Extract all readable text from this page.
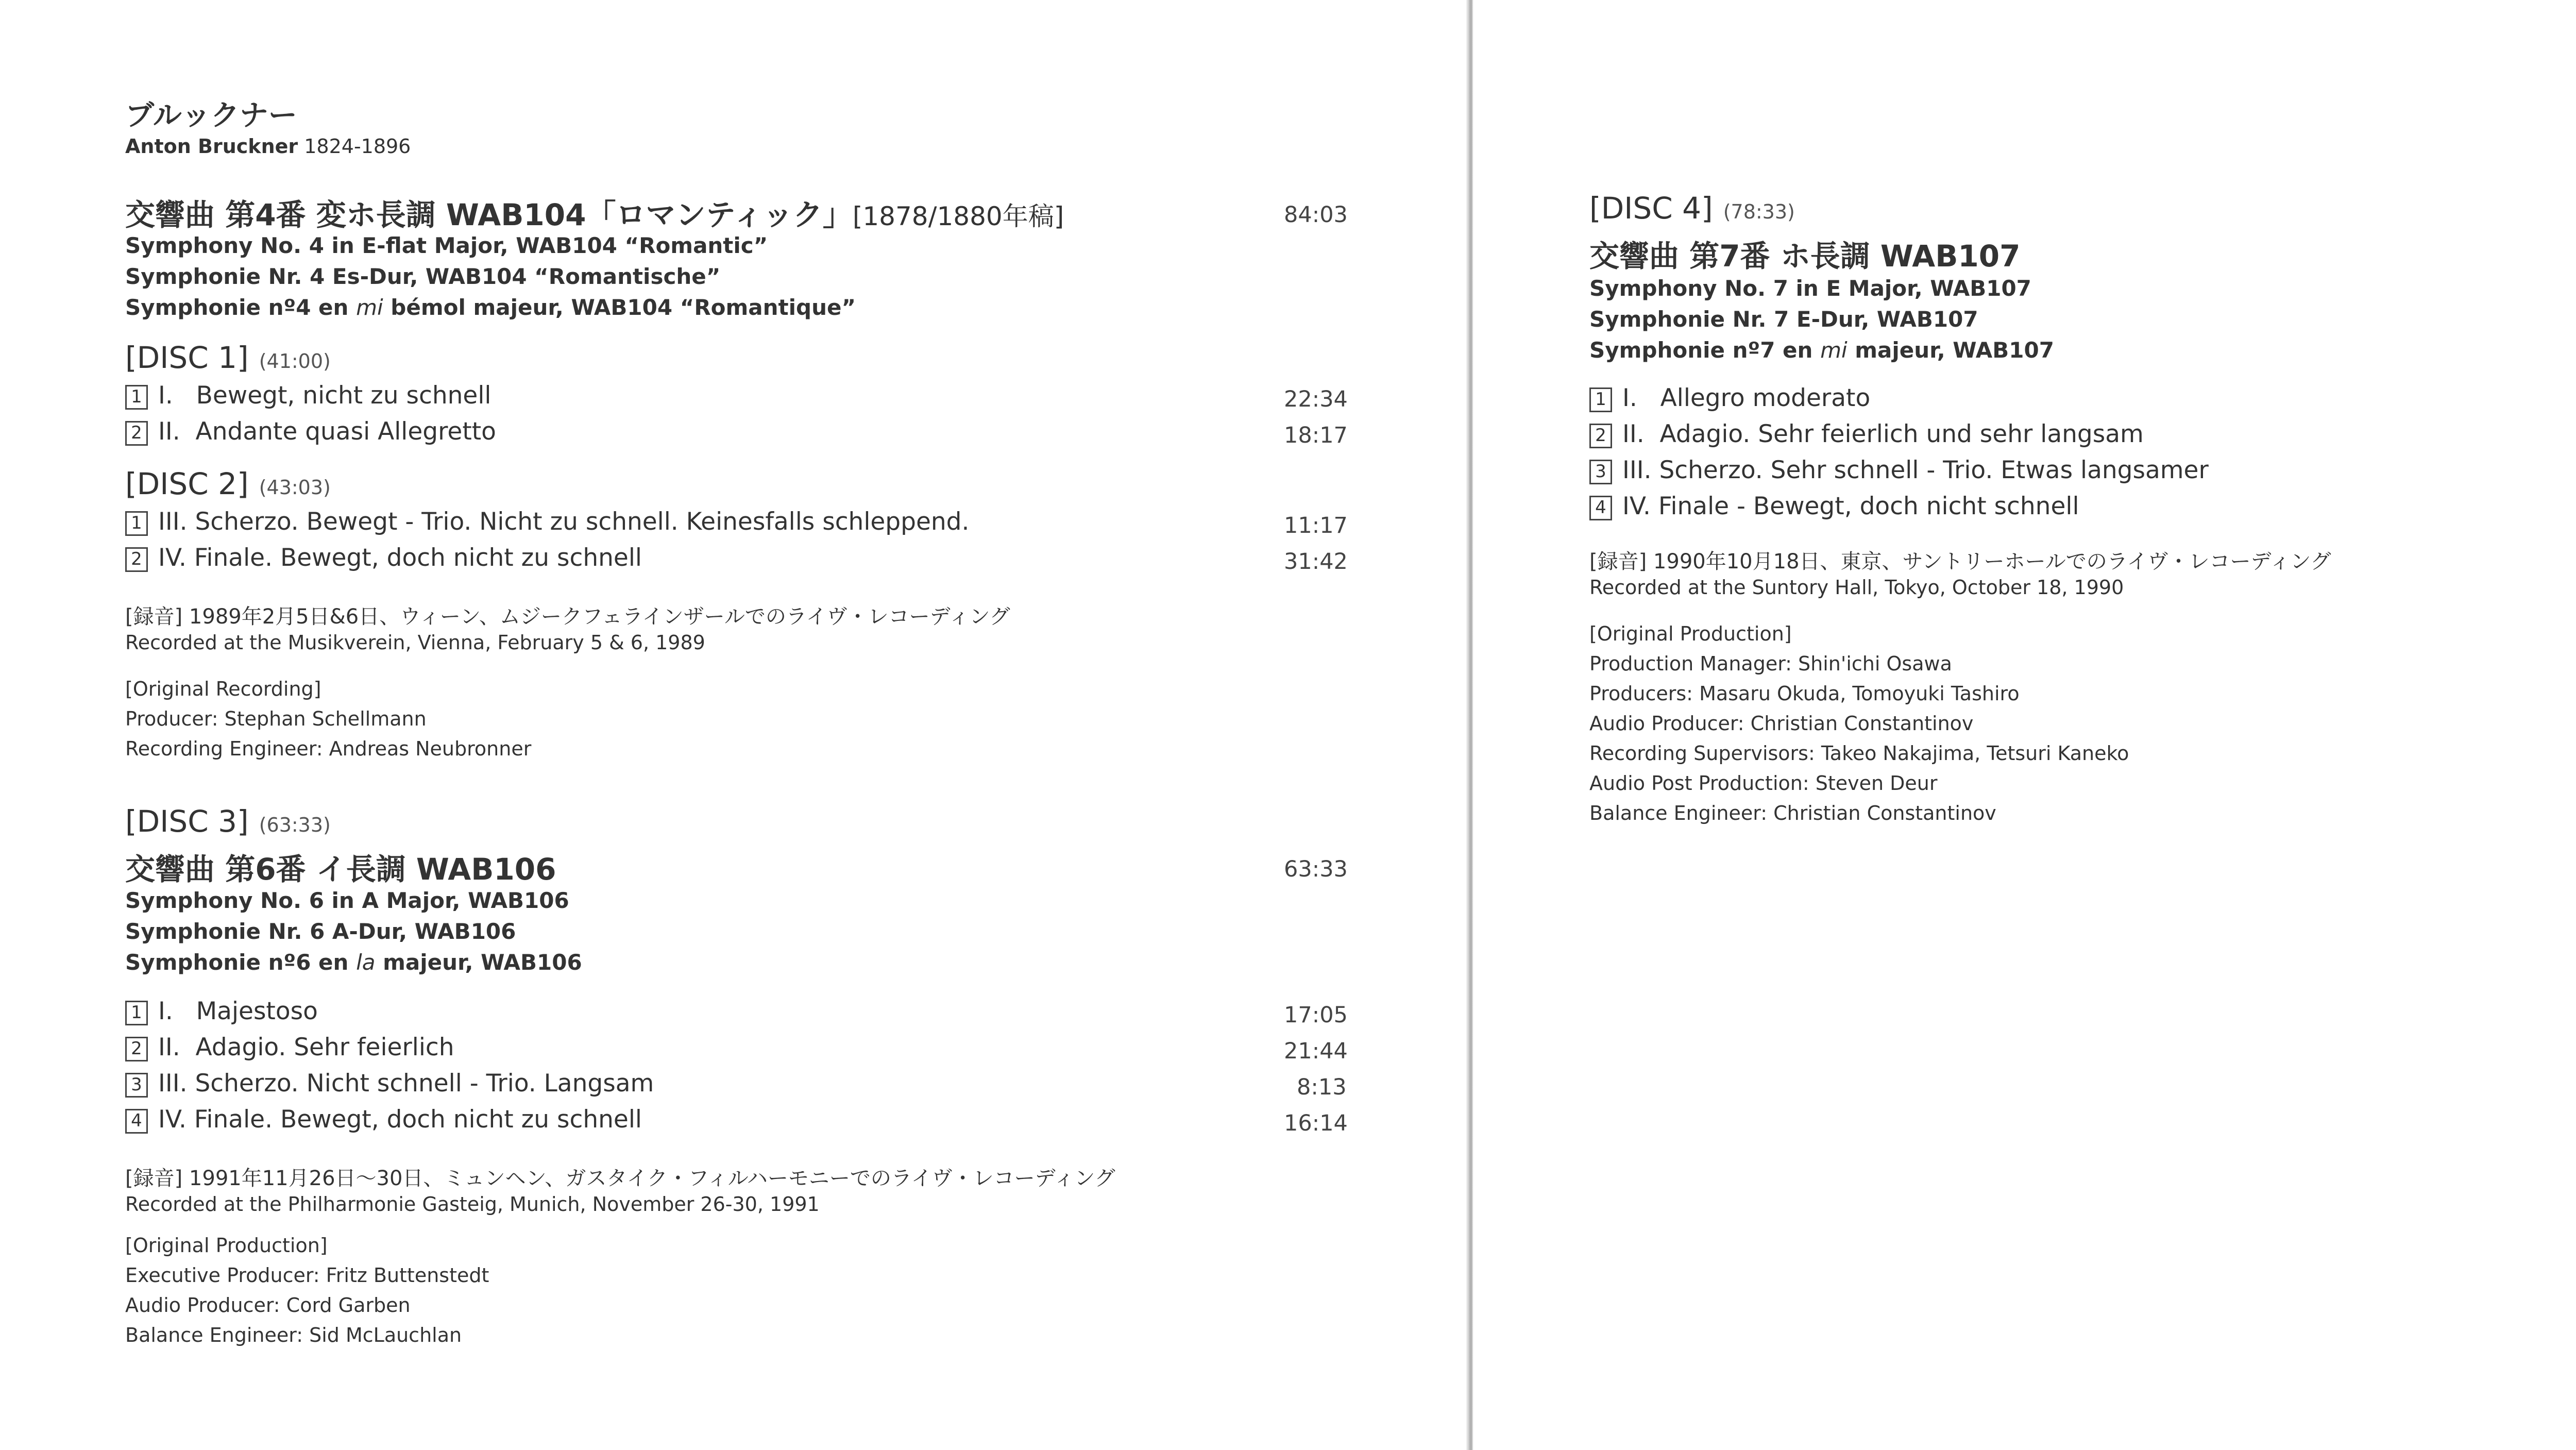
ブルックナー
Anton Bruckner 1824-1896
交響曲 第4番 変ホ長調 WAB104「ロマンティック」[1878/1880年稿]	84:03
Symphony No. 4 in E-flat Major, WAB104 “Romantic”
Symphonie Nr. 4 Es-Dur, WAB104 “Romantische”
Symphonie nº4 en mi bémol majeur, WAB104 “Romantique”
[DISC 1] (41:00)
1 I.   Bewegt, nicht zu schnell	22:34
2 II.  Andante quasi Allegretto	18:17
[DISC 2] (43:03)
1 III. Scherzo. Bewegt - Trio. Nicht zu schnell. Keinesfalls schleppend.	11:17
2 IV. Finale. Bewegt, doch nicht zu schnell	31:42
[録音] 1989年2月5日&6日、ウィーン、ムジークフェラインザールでのライヴ・レコーディング
Recorded at the Musikverein, Vienna, February 5 & 6, 1989
[Original Recording]
Producer: Stephan Schellmann
Recording Engineer: Andreas Neubronner
[DISC 3] (63:33)
交響曲 第6番 イ長調 WAB106	63:33
Symphony No. 6 in A Major, WAB106
Symphonie Nr. 6 A-Dur, WAB106
Symphonie nº6 en la majeur, WAB106
1 I.   Majestoso	17:05
2 II.  Adagio. Sehr feierlich	21:44
3 III. Scherzo. Nicht schnell - Trio. Langsam	8:13
4 IV. Finale. Bewegt, doch nicht zu schnell	16:14
[録音] 1991年11月26日〜30日、ミュンヘン、ガスタイク・フィルハーモニーでのライヴ・レコーディング
Recorded at the Philharmonie Gasteig, Munich, November 26-30, 1991
[Original Production]
Executive Producer: Fritz Buttenstedt
Audio Producer: Cord Garben
Balance Engineer: Sid McLauchlan
[DISC 4] (78:33)
交響曲 第7番 ホ長調 WAB107
Symphony No. 7 in E Major, WAB107
Symphonie Nr. 7 E-Dur, WAB107
Symphonie nº7 en mi majeur, WAB107
1 I.   Allegro moderato
2 II.  Adagio. Sehr feierlich und sehr langsam
3 III. Scherzo. Sehr schnell - Trio. Etwas langsamer
4 IV. Finale - Bewegt, doch nicht schnell
[録音] 1990年10月18日、東京、サントリーホールでのライヴ・レコーディング
Recorded at the Suntory Hall, Tokyo, October 18, 1990
[Original Production]
Production Manager: Shin'ichi Osawa
Producers: Masaru Okuda, Tomoyuki Tashiro
Audio Producer: Christian Constantinov
Recording Supervisors: Takeo Nakajima, Tetsuri Kaneko
Audio Post Production: Steven Deur
Balance Engineer: Christian Constantinov
